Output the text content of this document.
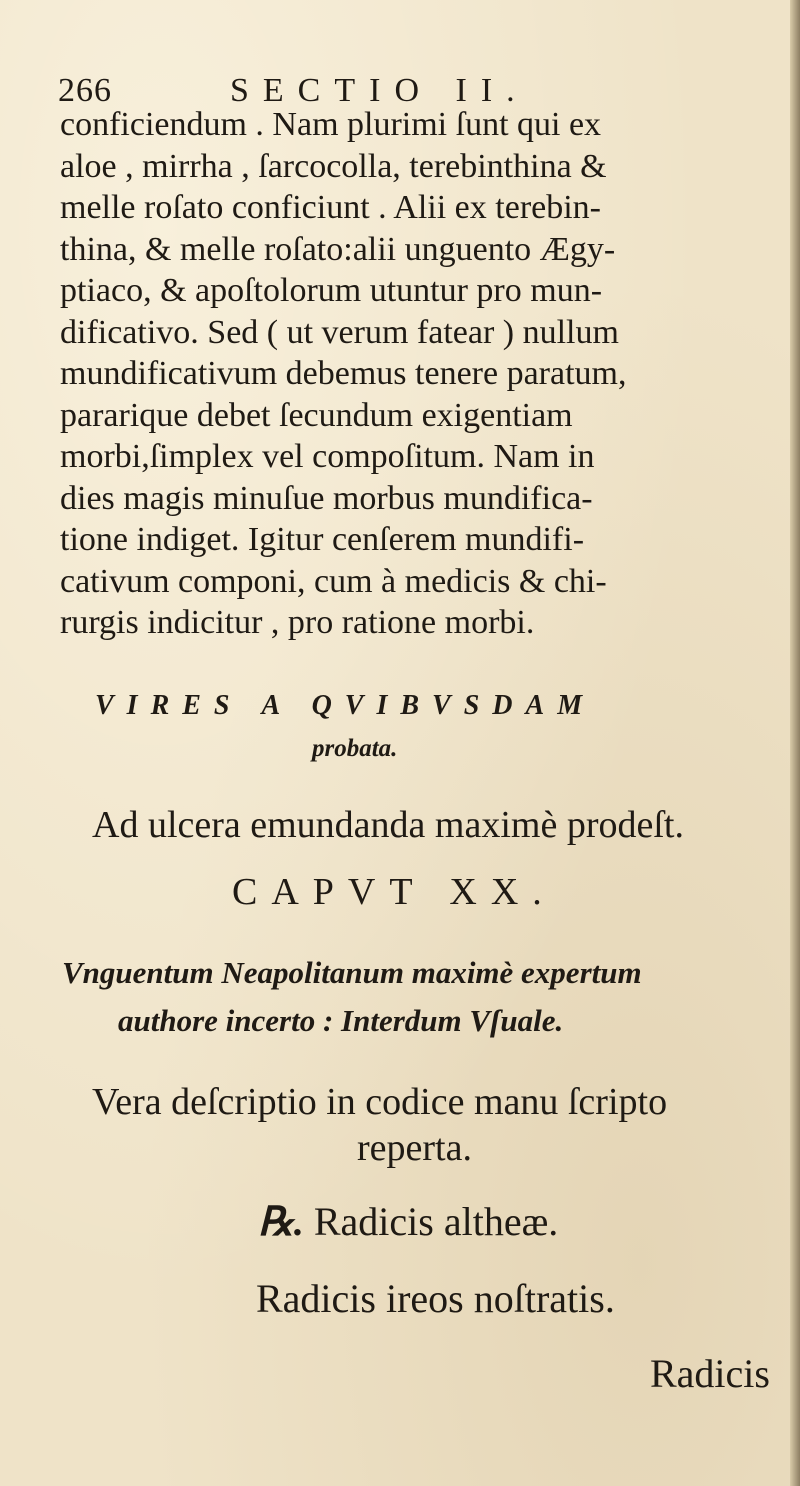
266	SECTIO II.
conficiendum . Nam plurimi ſunt qui ex
aloe , mirrha , ſarcocolla, terebinthina &
melle roſato conficiunt . Alii ex terebin-
thina, & melle roſato:alii unguento Ægy-
ptiaco, & apoſtolorum utuntur pro mun-
dificativo. Sed ( ut verum fatear ) nullum
mundificativum debemus tenere paratum,
pararique debet ſecundum exigentiam
morbi,ſimplex vel compoſitum. Nam in
dies magis minuſue morbus mundifica-
tione indiget. Igitur cenſerem mundifi-
cativum componi, cum à medicis & chi-
rurgis indicitur , pro ratione morbi.
VIRES A QVIBVSDAM
probata.
Ad ulcera emundanda maximè prodeſt.
CAPVT XX.
Vnguentum Neapolitanum maximè expertum
authore incerto : Interdum Vſuale.
Vera deſcriptio in codice manu ſcripto
reperta.
℞. Radicis altheæ.
Radicis ireos noſtratis.
Radicis
